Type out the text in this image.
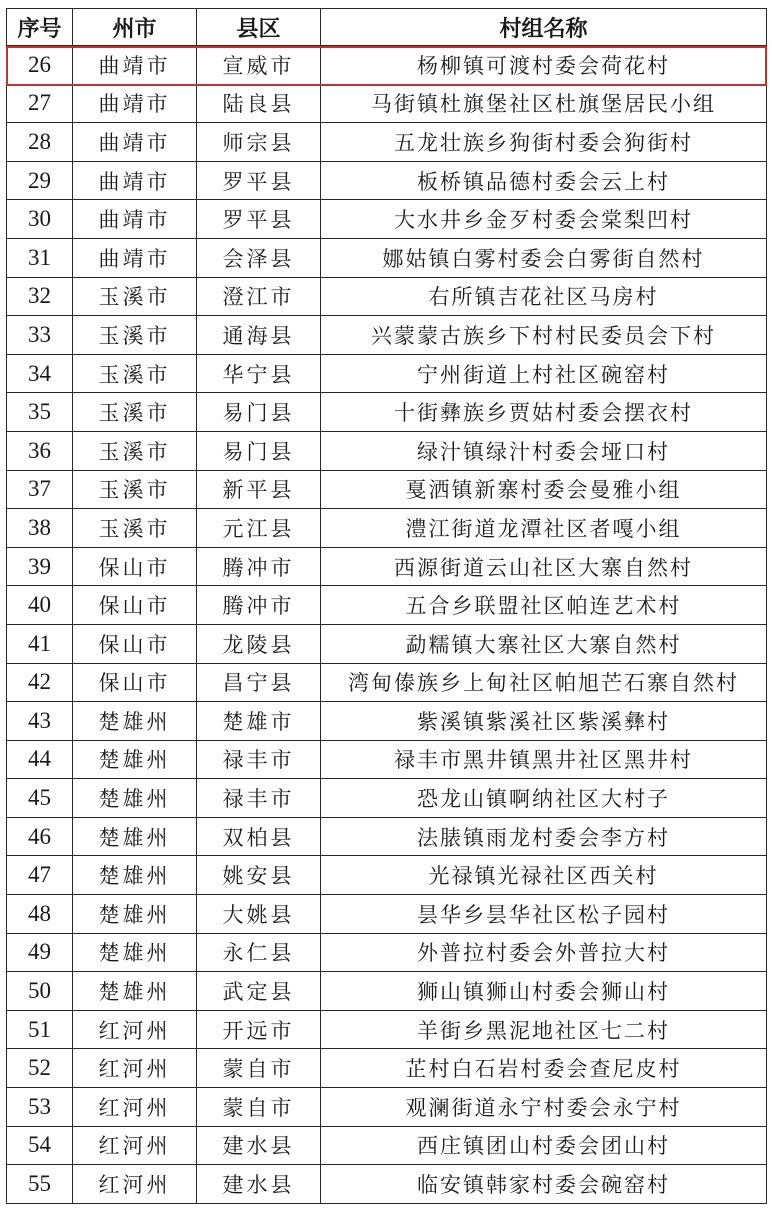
序号	州市	县区	村组名称
26	曲靖市	宣威市	杨柳镇可渡村委会荷花村
27	曲靖市	陆良县	马街镇杜旗堡社区杜旗堡居民小组
28	曲靖市	师宗县	五龙壮族乡狗街村委会狗街村
29	曲靖市	罗平县	板桥镇品德村委会云上村
30	曲靖市	罗平县	大水井乡金歹村委会棠梨凹村
31	曲靖市	会泽县	娜姑镇白雾村委会白雾街自然村
32	玉溪市	澄江市	右所镇吉花社区马房村
33	玉溪市	通海县	兴蒙蒙古族乡下村村民委员会下村
34	玉溪市	华宁县	宁州街道上村社区碗窑村
35	玉溪市	易门县	十街彝族乡贾姑村委会摆衣村
36	玉溪市	易门县	绿汁镇绿汁村委会垭口村
37	玉溪市	新平县	戛洒镇新寨村委会曼雅小组
38	玉溪市	元江县	澧江街道龙潭社区者嘎小组
39	保山市	腾冲市	西源街道云山社区大寨自然村
40	保山市	腾冲市	五合乡联盟社区帕连艺术村
41	保山市	龙陵县	勐糯镇大寨社区大寨自然村
42	保山市	昌宁县	湾甸傣族乡上甸社区帕旭芒石寨自然村
43	楚雄州	楚雄市	紫溪镇紫溪社区紫溪彝村
44	楚雄州	禄丰市	禄丰市黑井镇黑井社区黑井村
45	楚雄州	禄丰市	恐龙山镇啊纳社区大村子
46	楚雄州	双柏县	法脿镇雨龙村委会李方村
47	楚雄州	姚安县	光禄镇光禄社区西关村
48	楚雄州	大姚县	昙华乡昙华社区松子园村
49	楚雄州	永仁县	外普拉村委会外普拉大村
50	楚雄州	武定县	狮山镇狮山村委会狮山村
51	红河州	开远市	羊街乡黑泥地社区七二村
52	红河州	蒙自市	芷村白石岩村委会查尼皮村
53	红河州	蒙自市	观澜街道永宁村委会永宁村
54	红河州	建水县	西庄镇团山村委会团山村
55	红河州	建水县	临安镇韩家村委会碗窑村
